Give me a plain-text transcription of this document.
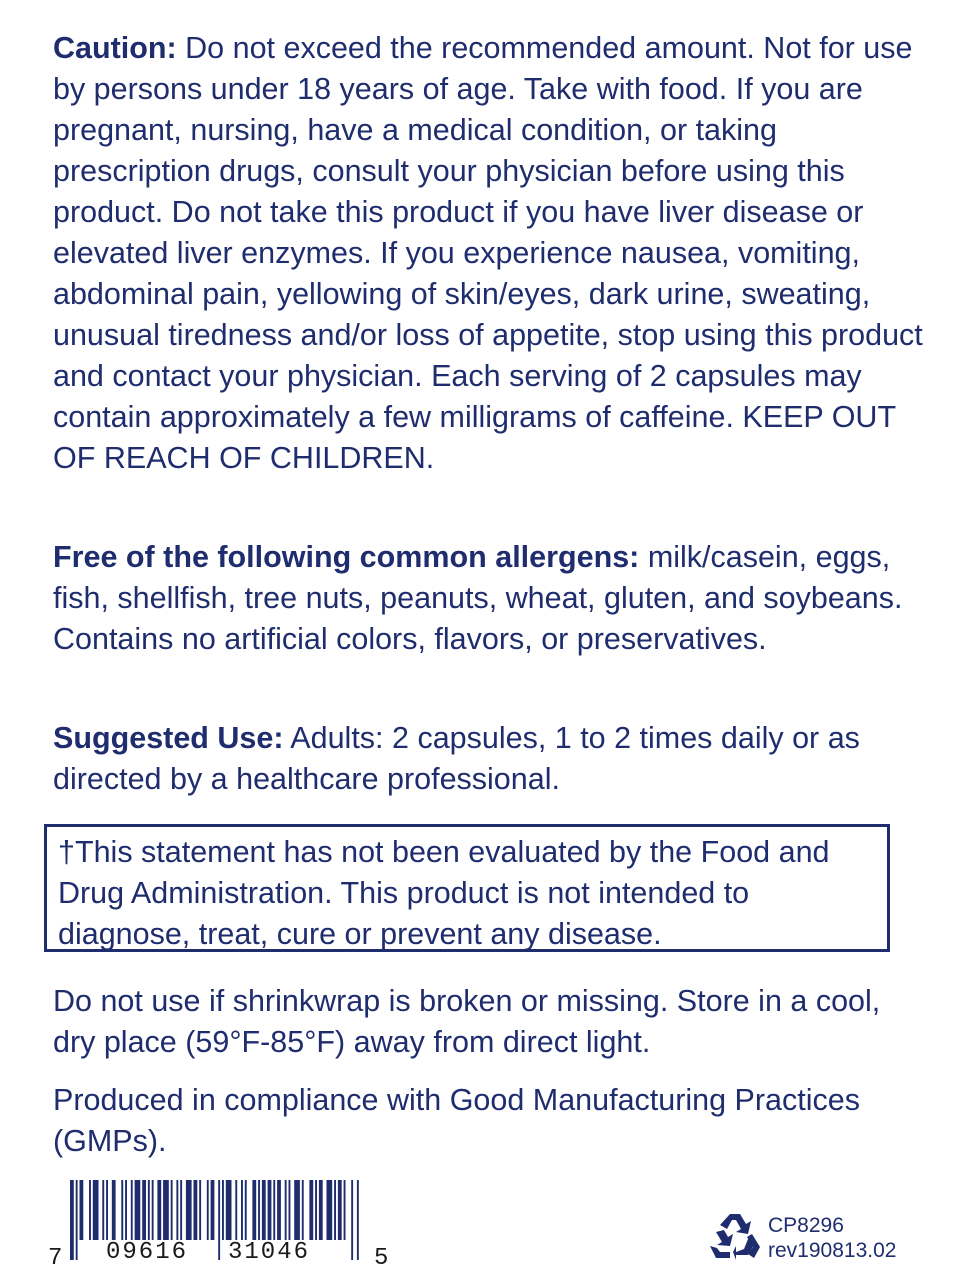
Caution: Do not exceed the recommended amount. Not for use by persons under 18 years of age. Take with food. If you are pregnant, nursing, have a medical condition, or taking prescription drugs, consult your physician before using this product. Do not take this product if you have liver disease or elevated liver enzymes. If you experience nausea, vomiting, abdominal pain, yellowing of skin/eyes, dark urine, sweating, unusual tiredness and/or loss of appetite, stop using this product and contact your physician. Each serving of 2 capsules may contain approximately a few milligrams of caffeine. KEEP OUT OF REACH OF CHILDREN.

Free of the following common allergens: milk/casein, eggs, fish, shellfish, tree nuts, peanuts, wheat, gluten, and soybeans. Contains no artificial colors, flavors, or preservatives.

Suggested Use: Adults: 2 capsules, 1 to 2 times daily or as directed by a healthcare professional.

†This statement has not been evaluated by the Food and Drug Administration. This product is not intended to diagnose, treat, cure or prevent any disease.

Do not use if shrinkwrap is broken or missing. Store in a cool, dry place (59°F-85°F) away from direct light.

Produced in compliance with Good Manufacturing Practices (GMPs).

7 09616 31046	5
CP8296
rev190813.02
